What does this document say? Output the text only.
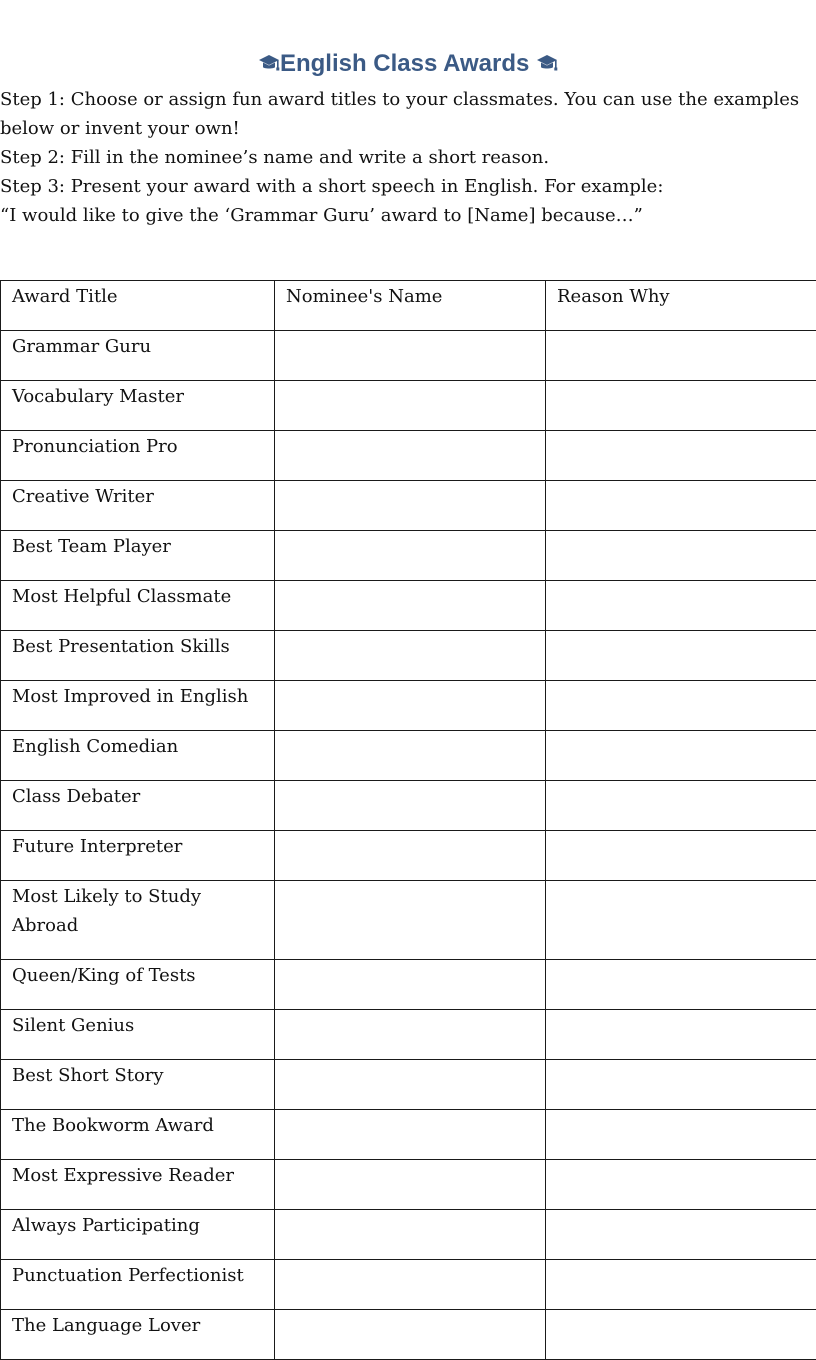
English Class Awards

Step 1: Choose or assign fun award titles to your classmates. You can use the examples below or invent your own!

Step 2: Fill in the nominee’s name and write a short reason.

Step 3: Present your award with a short speech in English. For example:

“I would like to give the ‘Grammar Guru’ award to [Name] because…”

Award Title	Nominee's Name	Reason Why
Grammar Guru		
Vocabulary Master		
Pronunciation Pro		
Creative Writer		
Best Team Player		
Most Helpful Classmate		
Best Presentation Skills		
Most Improved in English		
English Comedian		
Class Debater		
Future Interpreter		
Most Likely to Study Abroad		
Queen/King of Tests		
Silent Genius		
Best Short Story		
The Bookworm Award		
Most Expressive Reader		
Always Participating		
Punctuation Perfectionist		
The Language Lover		
